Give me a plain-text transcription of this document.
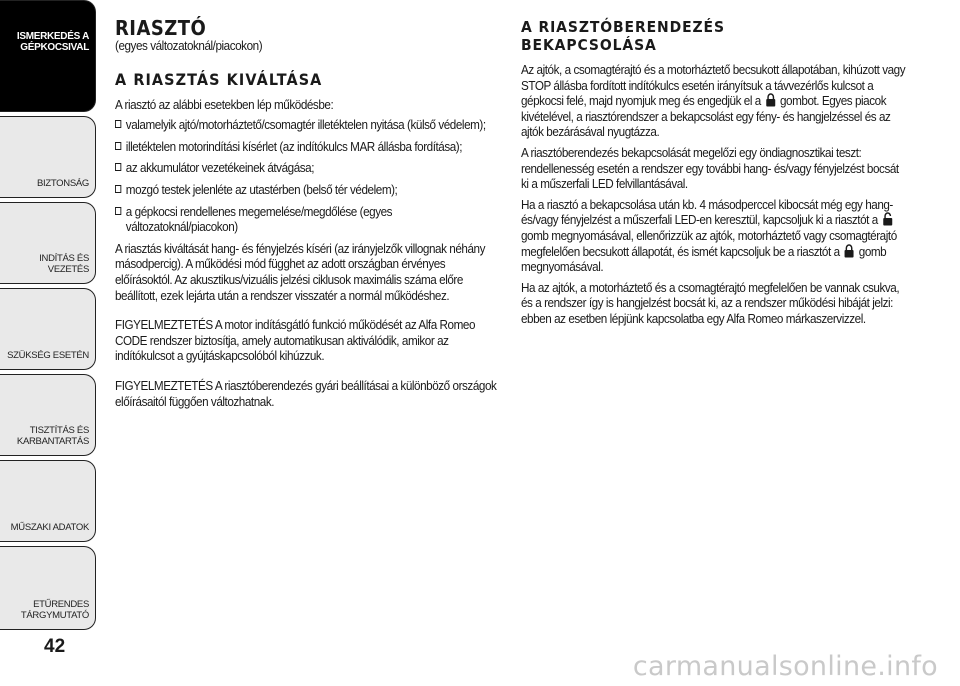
ISMERKEDÉS A
GÉPKOCSIVAL
BIZTONSÁG
INDÍTÁS ÉS VEZETÉS
SZÜKSÉG ESETÉN
TISZTÍTÁS ÉS
KARBANTARTÁS
MŰSZAKI ADATOK
ETŰRENDES
TÁRGYMUTATÓ
42
RIASZTÓ

(egyes változatoknál/piacokon)

A RIASZTÁS KIVÁLTÁSA

A riasztó az alábbi esetekben lép működésbe:

valamelyik ajtó/motorháztető/csomagtér illetéktelen nyitása (külső védelem);
illetéktelen motorindítási kísérlet (az indítókulcs MAR állásba fordítása);
az akkumulátor vezetékeinek átvágása;
mozgó testek jelenléte az utastérben (belső tér védelem);
a gépkocsi rendellenes megemelése/megdőlése (egyes változatoknál/piacokon)

A riasztás kiváltását hang- és fényjelzés kíséri (az irányjelzők villognak néhány másodpercig). A működési mód függhet az adott országban érvényes előírásoktól. Az akusztikus/vizuális jelzési ciklusok maximális száma előre beállított, ezek lejárta után a rendszer visszatér a normál működéshez.

FIGYELMEZTETÉS A motor indításgátló funkció működését az Alfa Romeo CODE rendszer biztosítja, amely automatikusan aktiválódik, amikor az indítókulcsot a gyújtáskapcsolóból kihúzzuk.

FIGYELMEZTETÉS A riasztóberendezés gyári beállításai a különböző országok előírásaitól függően változhatnak.

A RIASZTÓBERENDEZÉS
BEKAPCSOLÁSA

Az ajtók, a csomagtérajtó és a motorháztető becsukott állapotában, kihúzott vagy STOP állásba fordított indítókulcs esetén irányítsuk a távvezérlős kulcsot a gépkocsi felé, majd nyomjuk meg és engedjük el a gombot. Egyes piacok kivételével, a riasztórendszer a bekapcsolást egy fény- és hangjelzéssel és az ajtók bezárásával nyugtázza.

A riasztóberendezés bekapcsolását megelőzi egy öndiagnosztikai teszt: rendellenesség esetén a rendszer egy további hang- és/vagy fényjelzést bocsát ki a műszerfali LED felvillantásával.

Ha a riasztó a bekapcsolása után kb. 4 másodperccel kibocsát még egy hang- és/vagy fényjelzést a műszerfali LED-en keresztül, kapcsoljuk ki a riasztót a  gomb megnyomásával, ellenőrizzük az ajtók, motorháztető vagy csomagtérajtó megfelelően becsukott állapotát, és ismét kapcsoljuk be a riasztót a gomb megnyomásával.

Ha az ajtók, a motorháztető és a csomagtérajtó megfelelően be vannak csukva, és a rendszer így is hangjelzést bocsát ki, az a rendszer működési hibáját jelzi: ebben az esetben lépjünk kapcsolatba egy Alfa Romeo márkaszervizzel.

carmanualsonline.info
